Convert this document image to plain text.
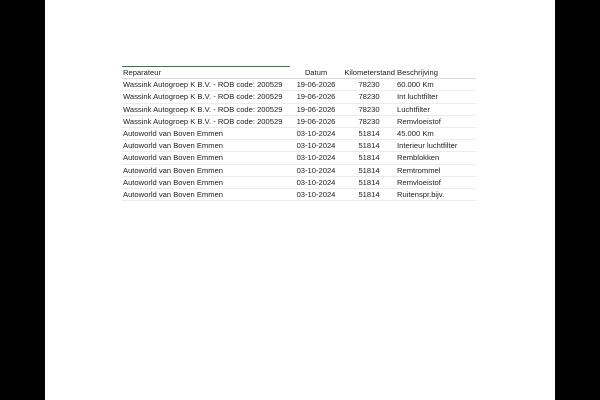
Reparateur	Datum	Kilometerstand	Beschrijving
Wassink Autogroep K B.V. - ROB code: 200529	19-06-2026	78230	60.000 Km
Wassink Autogroep K B.V. - ROB code: 200529	19-06-2026	78230	Int luchtfilter
Wassink Autogroep K B.V. - ROB code: 200529	19-06-2026	78230	Luchtfilter
Wassink Autogroep K B.V. - ROB code: 200529	19-06-2026	78230	Remvloeistof
Autoworld van Boven Emmen	03-10-2024	51814	45.000 Km
Autoworld van Boven Emmen	03-10-2024	51814	Interieur luchtfilter
Autoworld van Boven Emmen	03-10-2024	51814	Remblokken
Autoworld van Boven Emmen	03-10-2024	51814	Remtrommel
Autoworld van Boven Emmen	03-10-2024	51814	Remvloeistof
Autoworld van Boven Emmen	03-10-2024	51814	Ruitenspr.bijv.
